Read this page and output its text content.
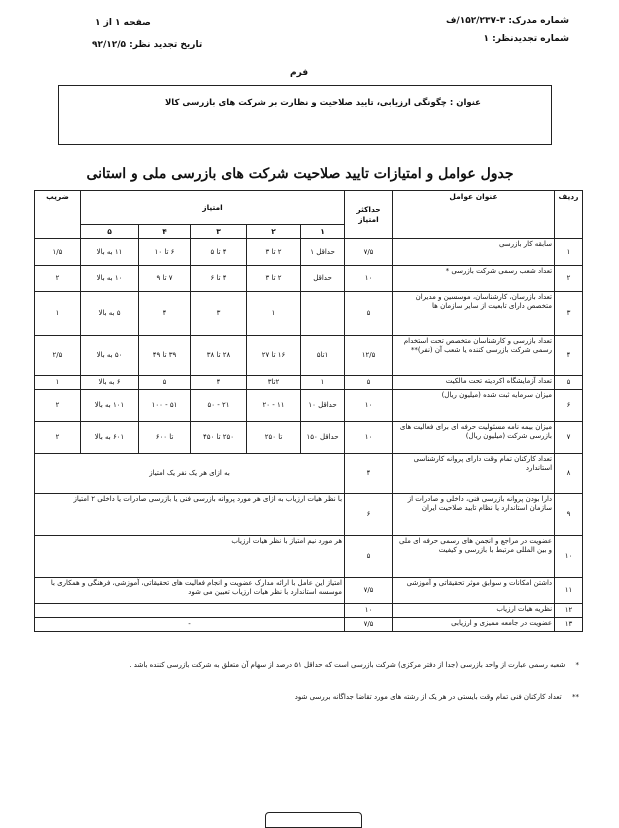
شماره مدرک: ۳-۱۵۲/۲۳۷/ف
شماره تجدیدنظر: ۱
صفحه ۱ از ۱
تاریخ تجدید نظر: ۹۲/۱۲/۵
فرم
عنوان : چگونگی ارزیابی، تایید صلاحیت و نظارت بر شرکت های بازرسی کالا
جدول عوامل و امتیازات تایید صلاحیت شرکت های بازرسی ملی و استانی
ردیف	عنوان عوامل	حداکثر امتیاز	امتیاز					ضریب
			۱	۲	۳	۴	۵	
۱	سابقه کار بازرسی	۷/۵	حداقل ۱	۲ تا ۳	۴ تا ۵	۶ تا ۱۰	۱۱ به بالا	۱/۵
۲	تعداد شعب رسمی شرکت بازرسی *	۱۰	حداقل	۲ تا ۳	۴ تا ۶	۷ تا ۹	۱۰ به بالا	۲
۳	تعداد بازرسان، کارشناسان، موسسین و مدیران متخصص دارای تابعیت از سایر سازمان ها	۵		۱	۳	۴	۵ به بالا	۱
۴	تعداد بازرسی و کارشناسان متخصص تحت استخدام رسمی شرکت بازرسی کننده یا شعب آن (نفر)**	۱۲/۵	۱تا۵	۱۶ تا ۲۷	۲۸ تا ۳۸	۳۹ تا ۴۹	۵۰ به بالا	۲/۵
۵	تعداد آزمایشگاه اکردیته تحت مالکیت	۵	۱	۲تا۳	۴	۵	۶ به بالا	۱
۶	میزان سرمایه ثبت شده (میلیون ریال)	۱۰	حداقل ۱۰	۱۱ - ۲۰	۲۱ - ۵۰	۵۱ - ۱۰۰	۱۰۱ به بالا	۲
۷	میزان بیمه نامه مسئولیت حرفه ای برای فعالیت های بازرسی شرکت (میلیون ریال)	۱۰	حداقل ۱۵۰	تا ۲۵۰	۲۵۰ تا ۴۵۰	تا ۶۰۰	۶۰۱ به بالا	۲
۸	تعداد کارکنان تمام وقت دارای پروانه کارشناسی استاندارد	۴	به ازای هر یک نفر یک امتیاز					
۹	دارا بودن پروانه بازرسی فنی، داخلی و صادرات از سازمان استاندارد یا نظام تایید صلاحیت ایران	۶	با نظر هیات ارزیاب به ازای هر مورد پروانه بازرسی فنی یا بازرسی صادرات یا داخلی ۲ امتیاز					
۱۰	عضویت در مراجع و انجمن های رسمی حرفه ای ملی و بین المللی مرتبط با بازرسی و کیفیت	۵	هر مورد نیم امتیاز با نظر هیات ارزیاب					
۱۱	داشتن امکانات و سوابق موثر تحقیقاتی و آموزشی	۷/۵	امتیاز این عامل با ارائه مدارک عضویت و انجام فعالیت های تحقیقاتی، آموزشی، فرهنگی و همکاری با موسسه استاندارد با نظر هیات ارزیاب تعیین می شود					
۱۲	نظریه هیات ارزیاب	۱۰						
۱۳	عضویت در جامعه ممیزی و ارزیابی	۷/۵	-					
* شعبه رسمی عبارت از واحد بازرسی (جدا از دفتر مرکزی) شرکت بازرسی است که حداقل ۵۱ درصد از سهام آن متعلق به شرکت بازرسی کننده باشد .
** تعداد کارکنان فنی تمام وقت بایستی در هر یک از رشته های مورد تقاضا جداگانه بررسی شود
